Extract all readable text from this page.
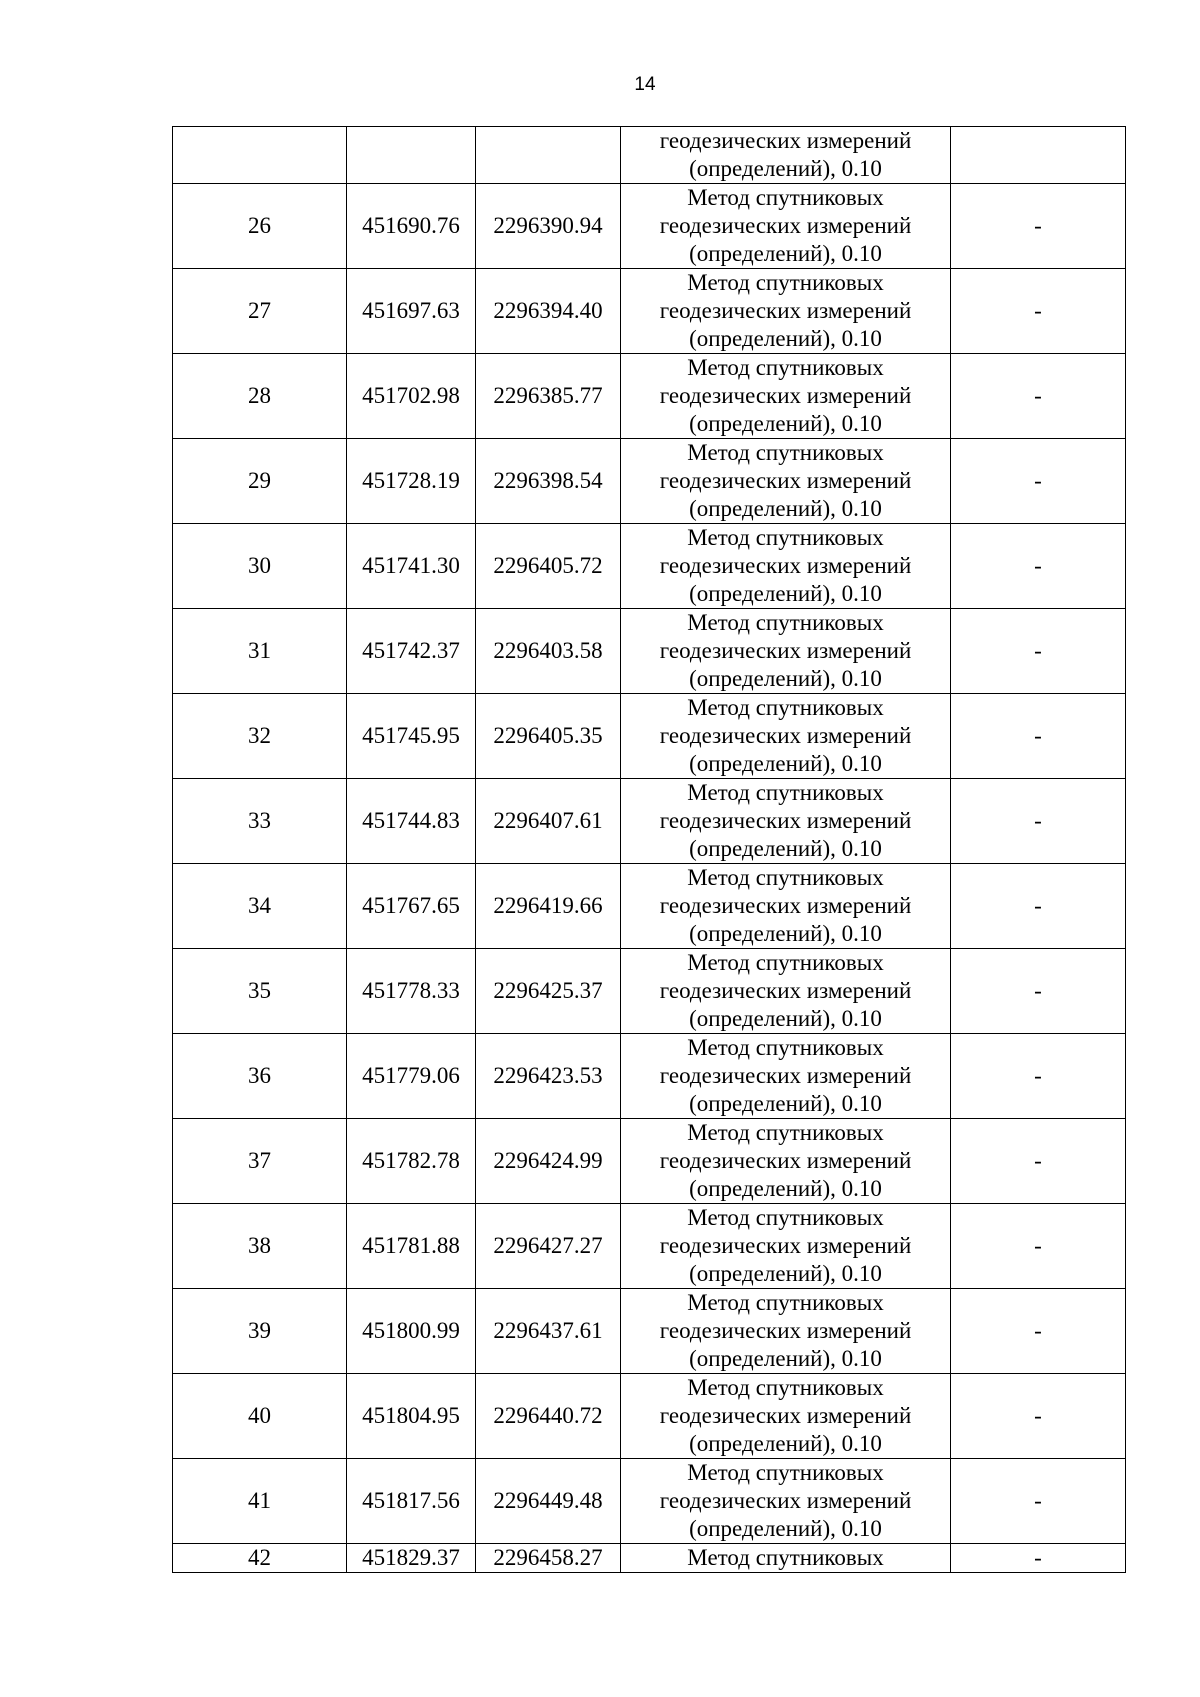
14

			геодезических измерений
(определений), 0.10	

26	451690.76	2296390.94	Метод спутниковых
геодезических измерений
(определений), 0.10	-
27	451697.63	2296394.40	Метод спутниковых
геодезических измерений
(определений), 0.10	-
28	451702.98	2296385.77	Метод спутниковых
геодезических измерений
(определений), 0.10	-
29	451728.19	2296398.54	Метод спутниковых
геодезических измерений
(определений), 0.10	-
30	451741.30	2296405.72	Метод спутниковых
геодезических измерений
(определений), 0.10	-
31	451742.37	2296403.58	Метод спутниковых
геодезических измерений
(определений), 0.10	-
32	451745.95	2296405.35	Метод спутниковых
геодезических измерений
(определений), 0.10	-
33	451744.83	2296407.61	Метод спутниковых
геодезических измерений
(определений), 0.10	-
34	451767.65	2296419.66	Метод спутниковых
геодезических измерений
(определений), 0.10	-
35	451778.33	2296425.37	Метод спутниковых
геодезических измерений
(определений), 0.10	-
36	451779.06	2296423.53	Метод спутниковых
геодезических измерений
(определений), 0.10	-
37	451782.78	2296424.99	Метод спутниковых
геодезических измерений
(определений), 0.10	-
38	451781.88	2296427.27	Метод спутниковых
геодезических измерений
(определений), 0.10	-
39	451800.99	2296437.61	Метод спутниковых
геодезических измерений
(определений), 0.10	-
40	451804.95	2296440.72	Метод спутниковых
геодезических измерений
(определений), 0.10	-
41	451817.56	2296449.48	Метод спутниковых
геодезических измерений
(определений), 0.10	-
42	451829.37	2296458.27	Метод спутниковых	-
